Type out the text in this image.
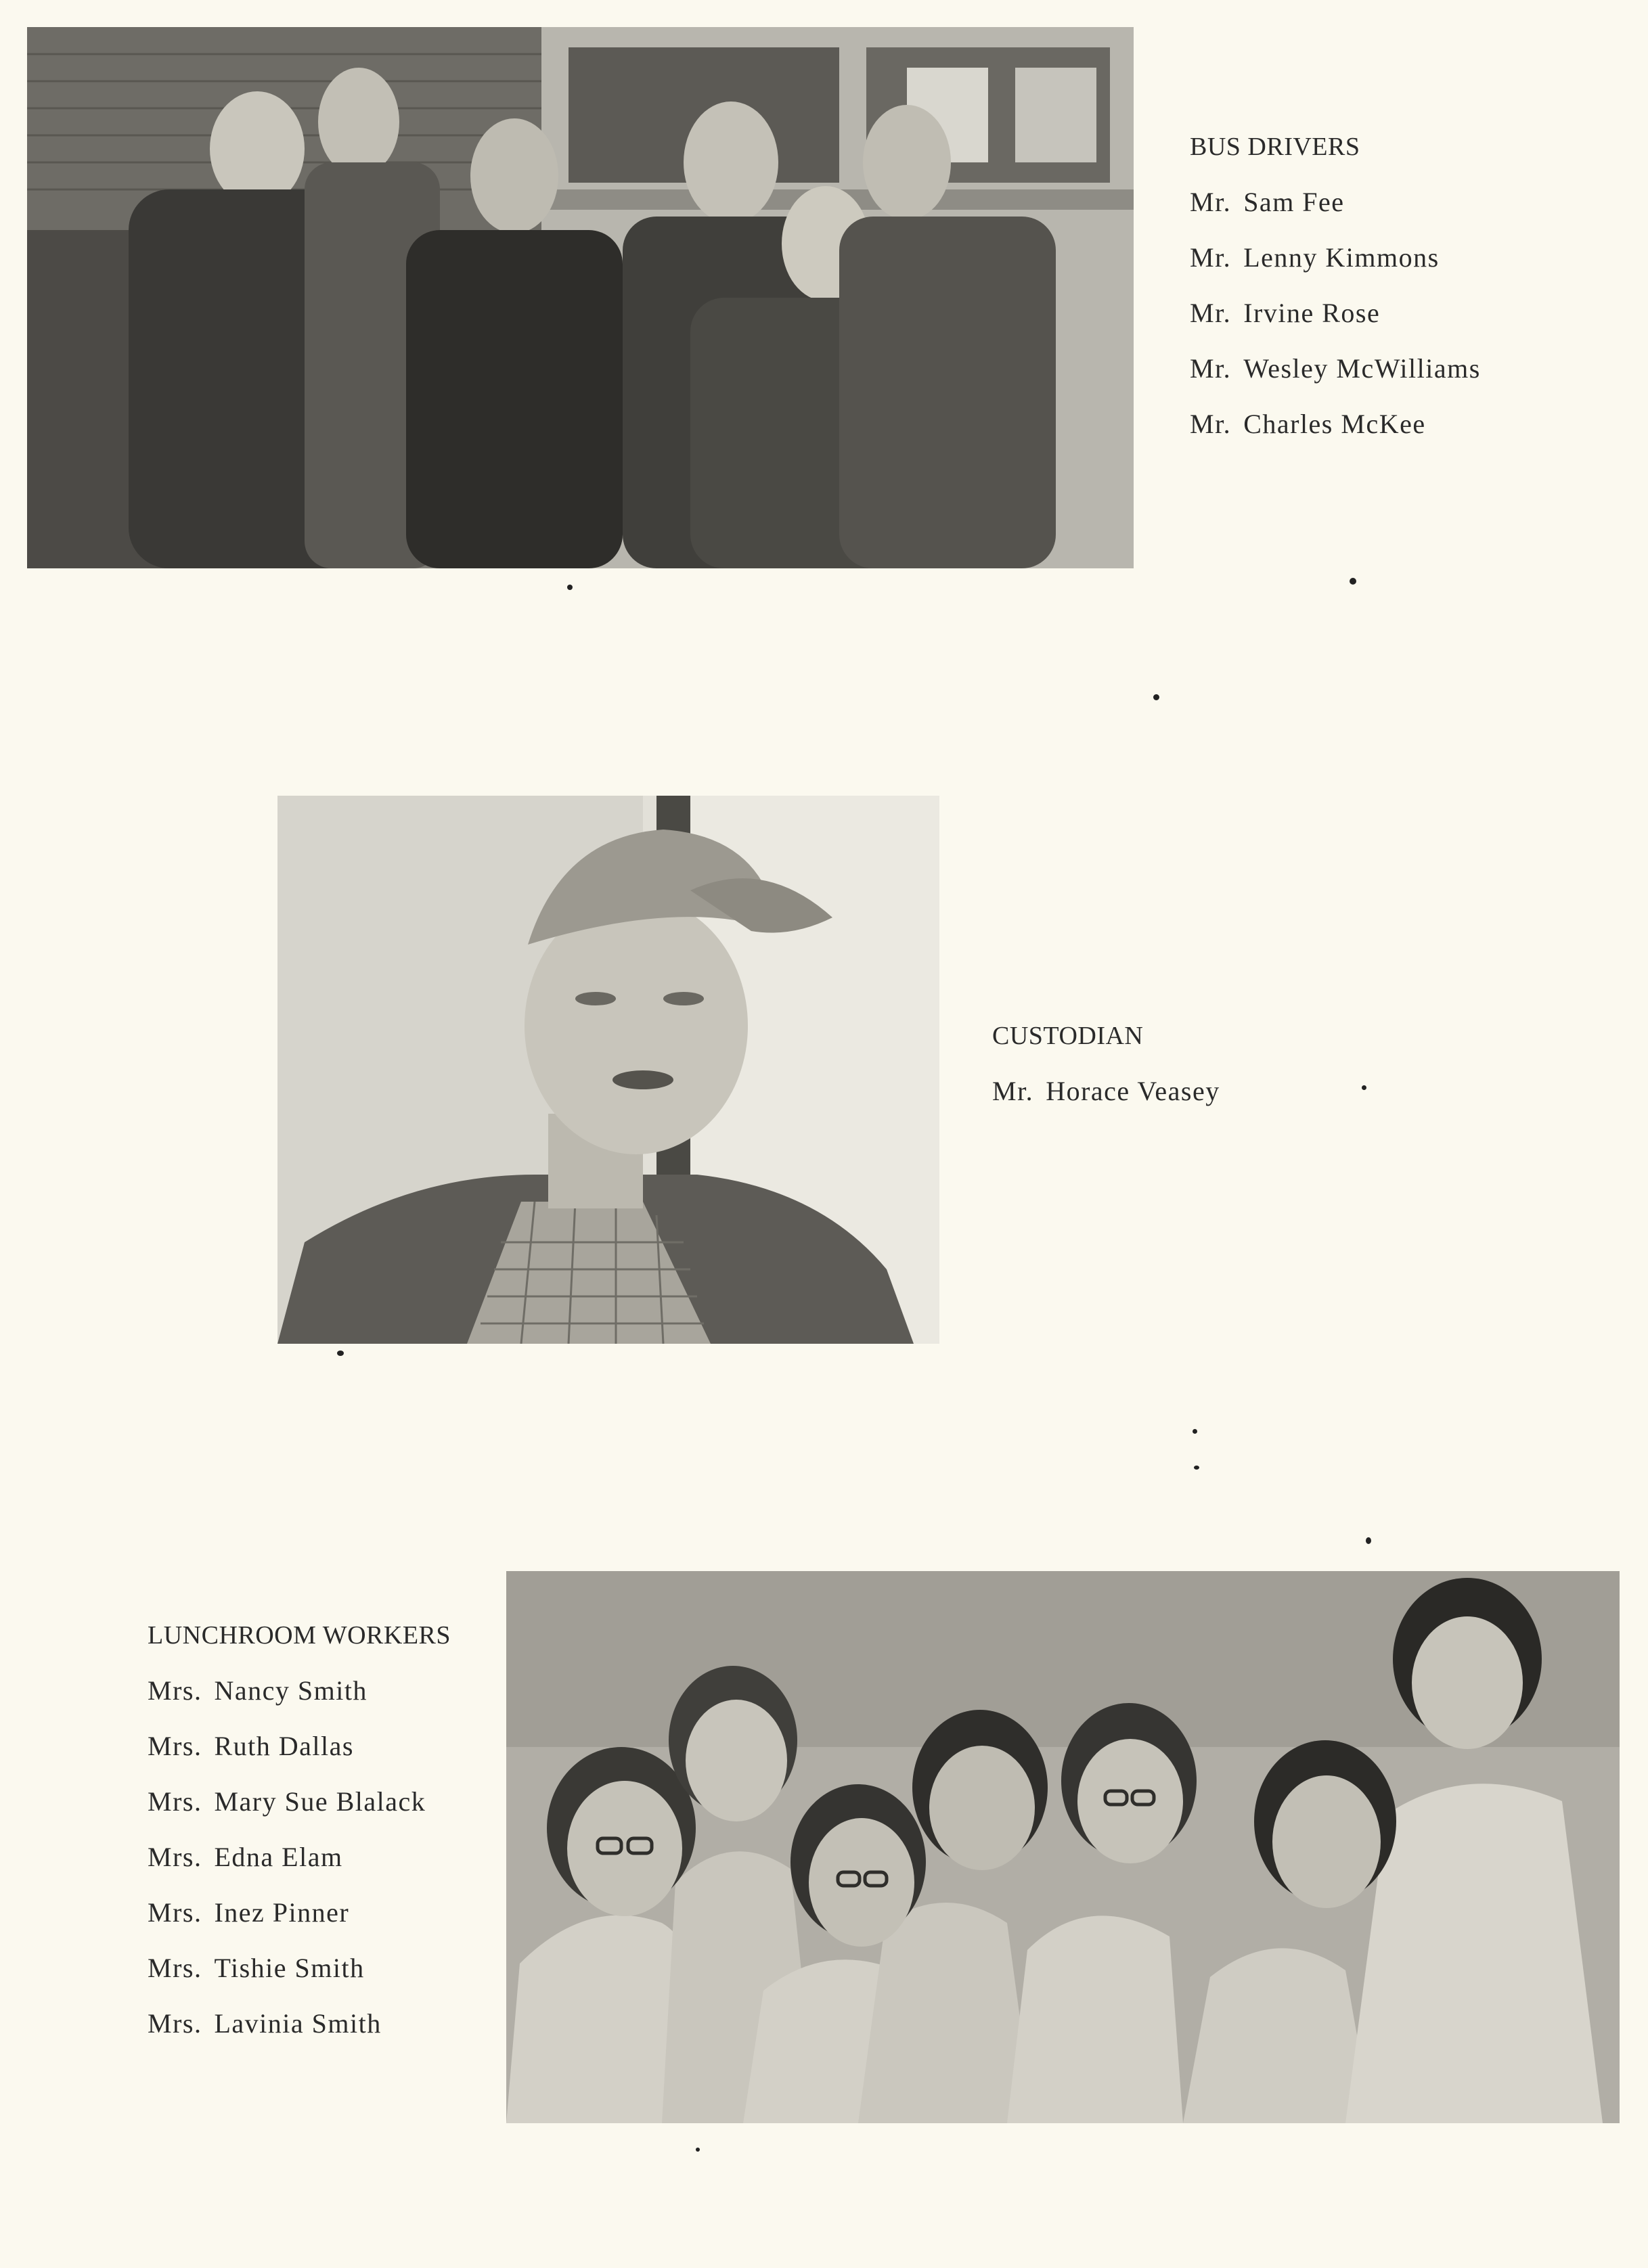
BUS DRIVERS
Mr. Sam Fee
Mr. Lenny Kimmons
Mr. Irvine Rose
Mr. Wesley McWilliams
Mr. Charles McKee
CUSTODIAN
Mr. Horace Veasey
LUNCHROOM WORKERS
Mrs. Nancy Smith
Mrs. Ruth Dallas
Mrs. Mary Sue Blalack
Mrs. Edna Elam
Mrs. Inez Pinner
Mrs. Tishie Smith
Mrs. Lavinia Smith
